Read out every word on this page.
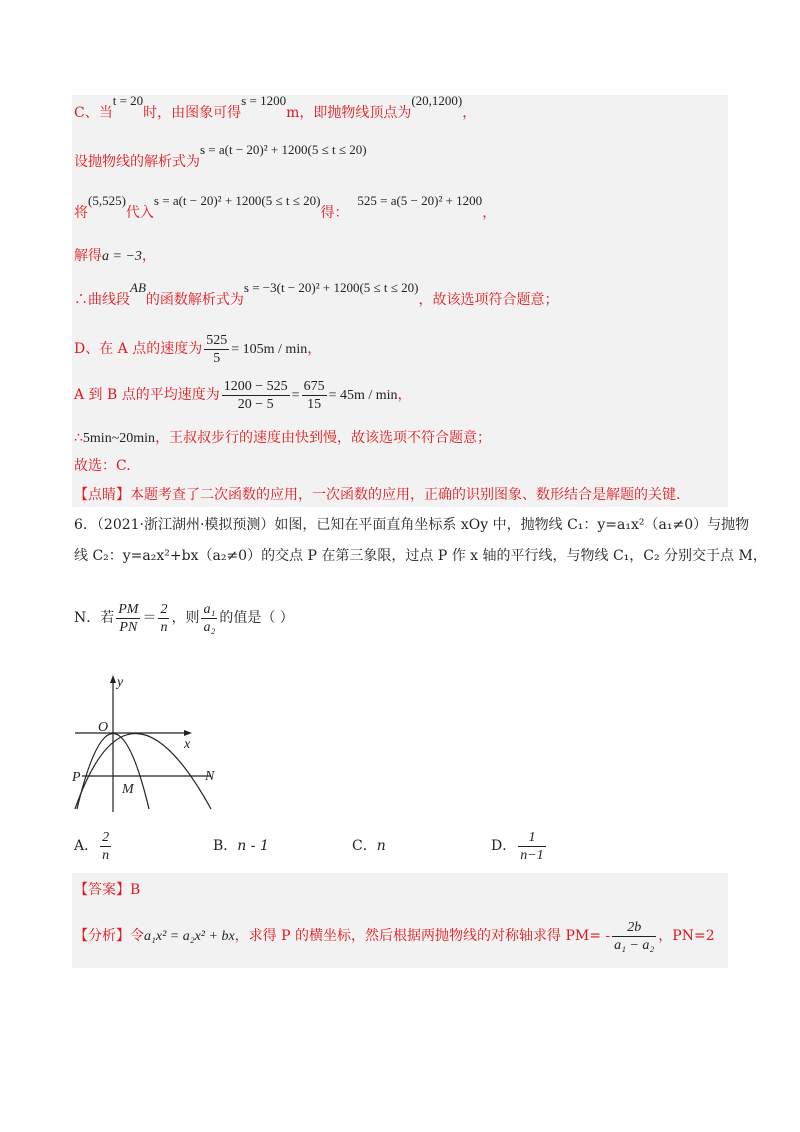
C、当t = 20时，由图象可得s = 1200m，即抛物线顶点为(20,1200)，
设抛物线的解析式为s = a(t − 20)² + 1200(5 ≤ t ≤ 20)
将(5,525)代入s = a(t − 20)² + 1200(5 ≤ t ≤ 20)得：  525 = a(5 − 20)² + 1200，
解得a = −3，
∴曲线段AB的函数解析式为s = −3(t − 20)² + 1200(5 ≤ t ≤ 20)，故该选项符合题意；
D、在 A 点的速度为 $\frac{525}{5} = 105m / \min$，
A 到 B 点的平均速度为 $\frac{1200 - 525}{20 - 5} = \frac{675}{15} = 45m / \min$，
∴5min~20min，王叔叔步行的速度由快到慢，故该选项不符合题意；
故选：C.
【点睛】本题考查了二次函数的应用，一次函数的应用，正确的识别图象、数形结合是解题的关键.
6．（2021·浙江湖州·模拟预测）如图，已知在平面直角坐标系 xOy 中，抛物线 C₁：y=a₁x²（a₁≠0）与抛物
线 C₂：y=a₂x²+bx（a₂≠0）的交点 P 在第三象限，过点 P 作 x 轴的平行线，与物线 C₁，C₂ 分别交于点 M，
N．若 $\frac{PM}{PN} = \frac{2}{n}$ ，则 $\frac{\text{a₁}}{\text{a₂}}$ 的值是（ ）
y
x
O
P	N
M
A． $\frac{2}{n}$	B．n - 1	C．n	D． $\frac{1}{n-1}$
【答案】B
【分析】令a₁x² = a₂x² + bx，求得 P 的横坐标，然后根据两抛物线的对称轴求得 $PM= - \frac{2b}{\text{a₁ − a₂}}$ ，PN=2
